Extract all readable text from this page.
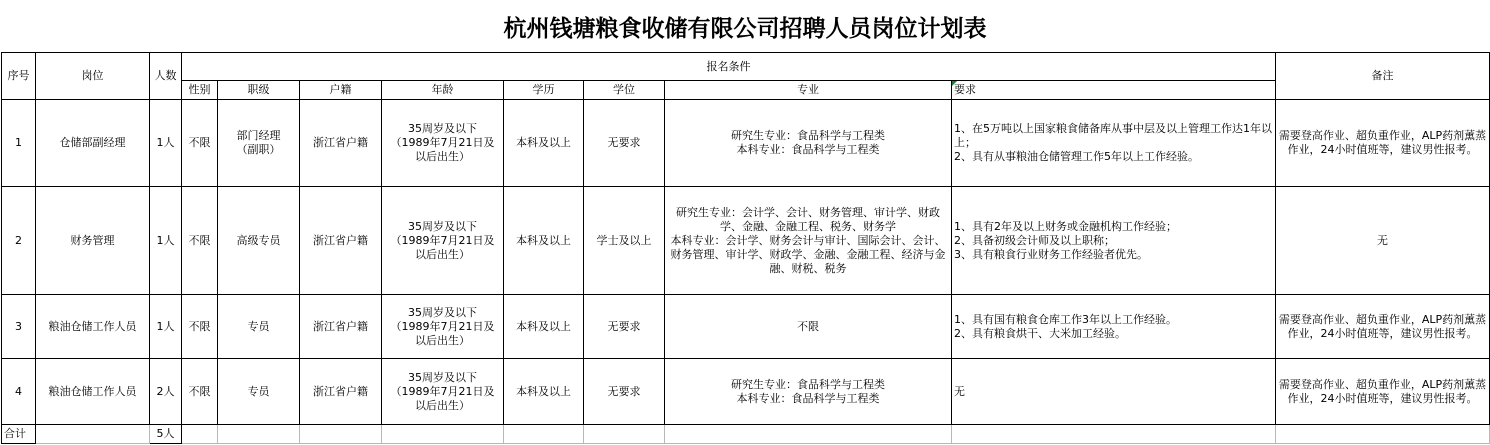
杭州钱塘粮食收储有限公司招聘人员岗位计划表
序号	岗位	人数	报名条件								备注
			性别	职级	户籍	年龄	学历	学位	专业	要求	
1	仓储部副经理	1人	不限	部门经理
（副职）	浙江省户籍	35周岁及以下
（1989年7月21日及
以后出生）	本科及以上	无要求	研究生专业：食品科学与工程类
本科专业：食品科学与工程类	1、在5万吨以上国家粮食储备库从事中层及以上管理工作达1年以上；
2、具有从事粮油仓储管理工作5年以上工作经验。	需要登高作业、超负重作业，ALP药剂薰蒸作业，24小时值班等，建议男性报考。
2	财务管理	1人	不限	高级专员	浙江省户籍	35周岁及以下
（1989年7月21日及
以后出生）	本科及以上	学士及以上	研究生专业：会计学、会计、财务管理、审计学、财政学、金融、金融工程、税务、财务学
本科专业：会计学、财务会计与审计、国际会计、会计、财务管理、审计学、财政学、金融、金融工程、经济与金融、财税、税务	1、具有2年及以上财务或金融机构工作经验；
2、具备初级会计师及以上职称；
3、具有粮食行业财务工作经验者优先。	无
3	粮油仓储工作人员	1人	不限	专员	浙江省户籍	35周岁及以下
（1989年7月21日及
以后出生）	本科及以上	无要求	不限	1、具有国有粮食仓库工作3年以上工作经验。
2、具有粮食烘干、大米加工经验。	需要登高作业、超负重作业，ALP药剂薰蒸作业，24小时值班等，建议男性报考。
4	粮油仓储工作人员	2人	不限	专员	浙江省户籍	35周岁及以下
（1989年7月21日及
以后出生）	本科及以上	无要求	研究生专业：食品科学与工程类
本科专业：食品科学与工程类	无	需要登高作业、超负重作业，ALP药剂薰蒸作业，24小时值班等，建议男性报考。
合计		5人									
